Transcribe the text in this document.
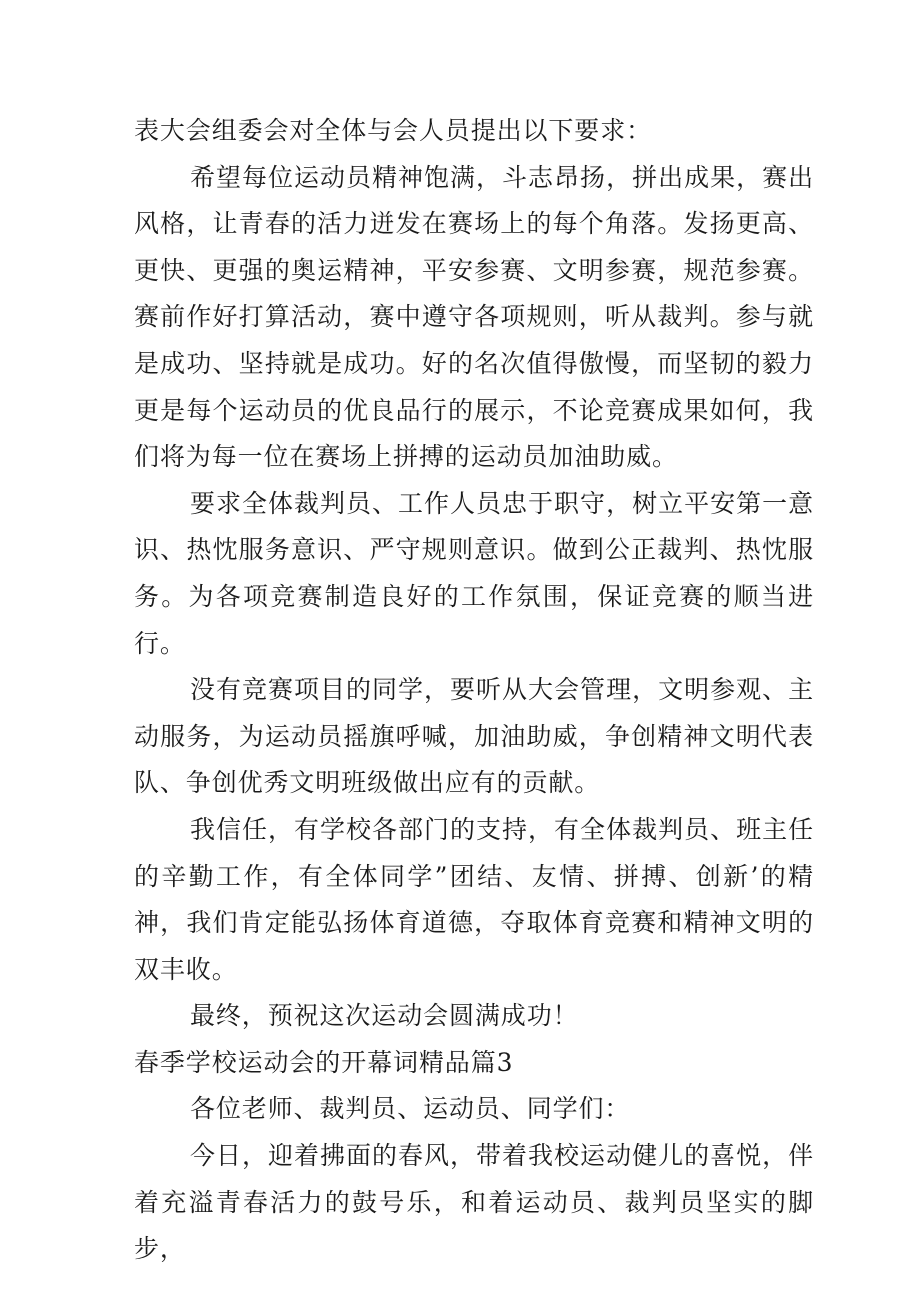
表大会组委会对全体与会人员提出以下要求：

希望每位运动员精神饱满，斗志昂扬，拼出成果，赛出风格，让青春的活力迸发在赛场上的每个角落。发扬更高、更快、更强的奥运精神，平安参赛、文明参赛，规范参赛。赛前作好打算活动，赛中遵守各项规则，听从裁判。参与就是成功、坚持就是成功。好的名次值得傲慢，而坚韧的毅力更是每个运动员的优良品行的展示，不论竞赛成果如何，我们将为每一位在赛场上拼搏的运动员加油助威。

要求全体裁判员、工作人员忠于职守，树立平安第一意识、热忱服务意识、严守规则意识。做到公正裁判、热忱服务。为各项竞赛制造良好的工作氛围，保证竞赛的顺当进行。

没有竞赛项目的同学，要听从大会管理，文明参观、主动服务，为运动员摇旗呼喊，加油助威，争创精神文明代表队、争创优秀文明班级做出应有的贡献。

我信任，有学校各部门的支持，有全体裁判员、班主任的辛勤工作，有全体同学”团结、友情、拼搏、创新’的精神，我们肯定能弘扬体育道德，夺取体育竞赛和精神文明的双丰收。

最终，预祝这次运动会圆满成功！

春季学校运动会的开幕词精品篇3

各位老师、裁判员、运动员、同学们：

今日，迎着拂面的春风，带着我校运动健儿的喜悦，伴着充溢青春活力的鼓号乐，和着运动员、裁判员坚实的脚步，
